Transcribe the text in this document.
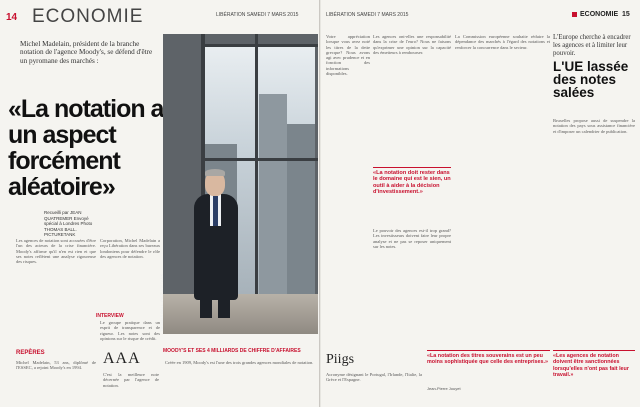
14 ECONOMIE	LIBÉRATION SAMEDI 7 MARS 2015
Michel Madelain, président de la branche notation de l'agence Moody's, se défend d'être un pyromane des marchés :
«La notation a un aspect forcément aléatoire»
THOMAS BALL. PICTURETANK
Recueilli par JEAN QUATREMER Envoyé spécial à Londres Photo THOMAS BALL. PICTURETANK
Les agences de notation sont accusées d'être l'un des acteurs de la crise financière. Moody's affirme qu'il n'en est rien et que ses notes reflètent une analyse rigoureuse des risques.
Corporation, Michel Madelain a reçu Libération dans ses bureaux londoniens pour défendre le rôle des agences de notation.
INTERVIEW
Le groupe pratique dans un esprit de transparence et de rigueur. Les notes sont des opinions sur le risque de crédit.
REPÈRES
Michel Madelain, 53 ans, diplômé de l'ESSEC, a rejoint Moody's en 1994.
AAA
C'est la meilleure note décernée par l'agence de notation.
MOODY'S ET SES 4 MILLIARDS DE CHIFFRE D'AFFAIRES
Créée en 1909, Moody's est l'une des trois grandes agences mondiales de notation.
LIBÉRATION SAMEDI 7 MARS 2015	ECONOMIE 15
Votre appréciation lorsque vous avez noté les titres de la dette grecque? Nous avons agi avec prudence et en fonction des informations disponibles.
Les agences ont-elles une responsabilité dans la crise de l'euro? Nous ne faisons qu'exprimer une opinion sur la capacité des émetteurs à rembourser.
«La notation doit rester dans le domaine qui est le sien, un outil à aider à la décision d'investissement.»
Le pouvoir des agences est-il trop grand? Les investisseurs doivent faire leur propre analyse et ne pas se reposer uniquement sur les notes.
La Commission européenne souhaite réduire la dépendance des marchés à l'égard des notations et renforcer la concurrence dans le secteur.
L'Europe cherche à encadrer les agences et à limiter leur pouvoir.
L'UE lassée des notes salées
Bruxelles propose aussi de suspendre la notation des pays sous assistance financière et d'imposer un calendrier de publication.
Piigs
Acronyme désignant le Portugal, l'Irlande, l'Italie, la Grèce et l'Espagne.
«La notation des titres souverains est un peu moins sophistiquée que celle des entreprises.»
Jean-Pierre Jouyet
«Les agences de notation doivent être sanctionnées lorsqu'elles n'ont pas fait leur travail.»
